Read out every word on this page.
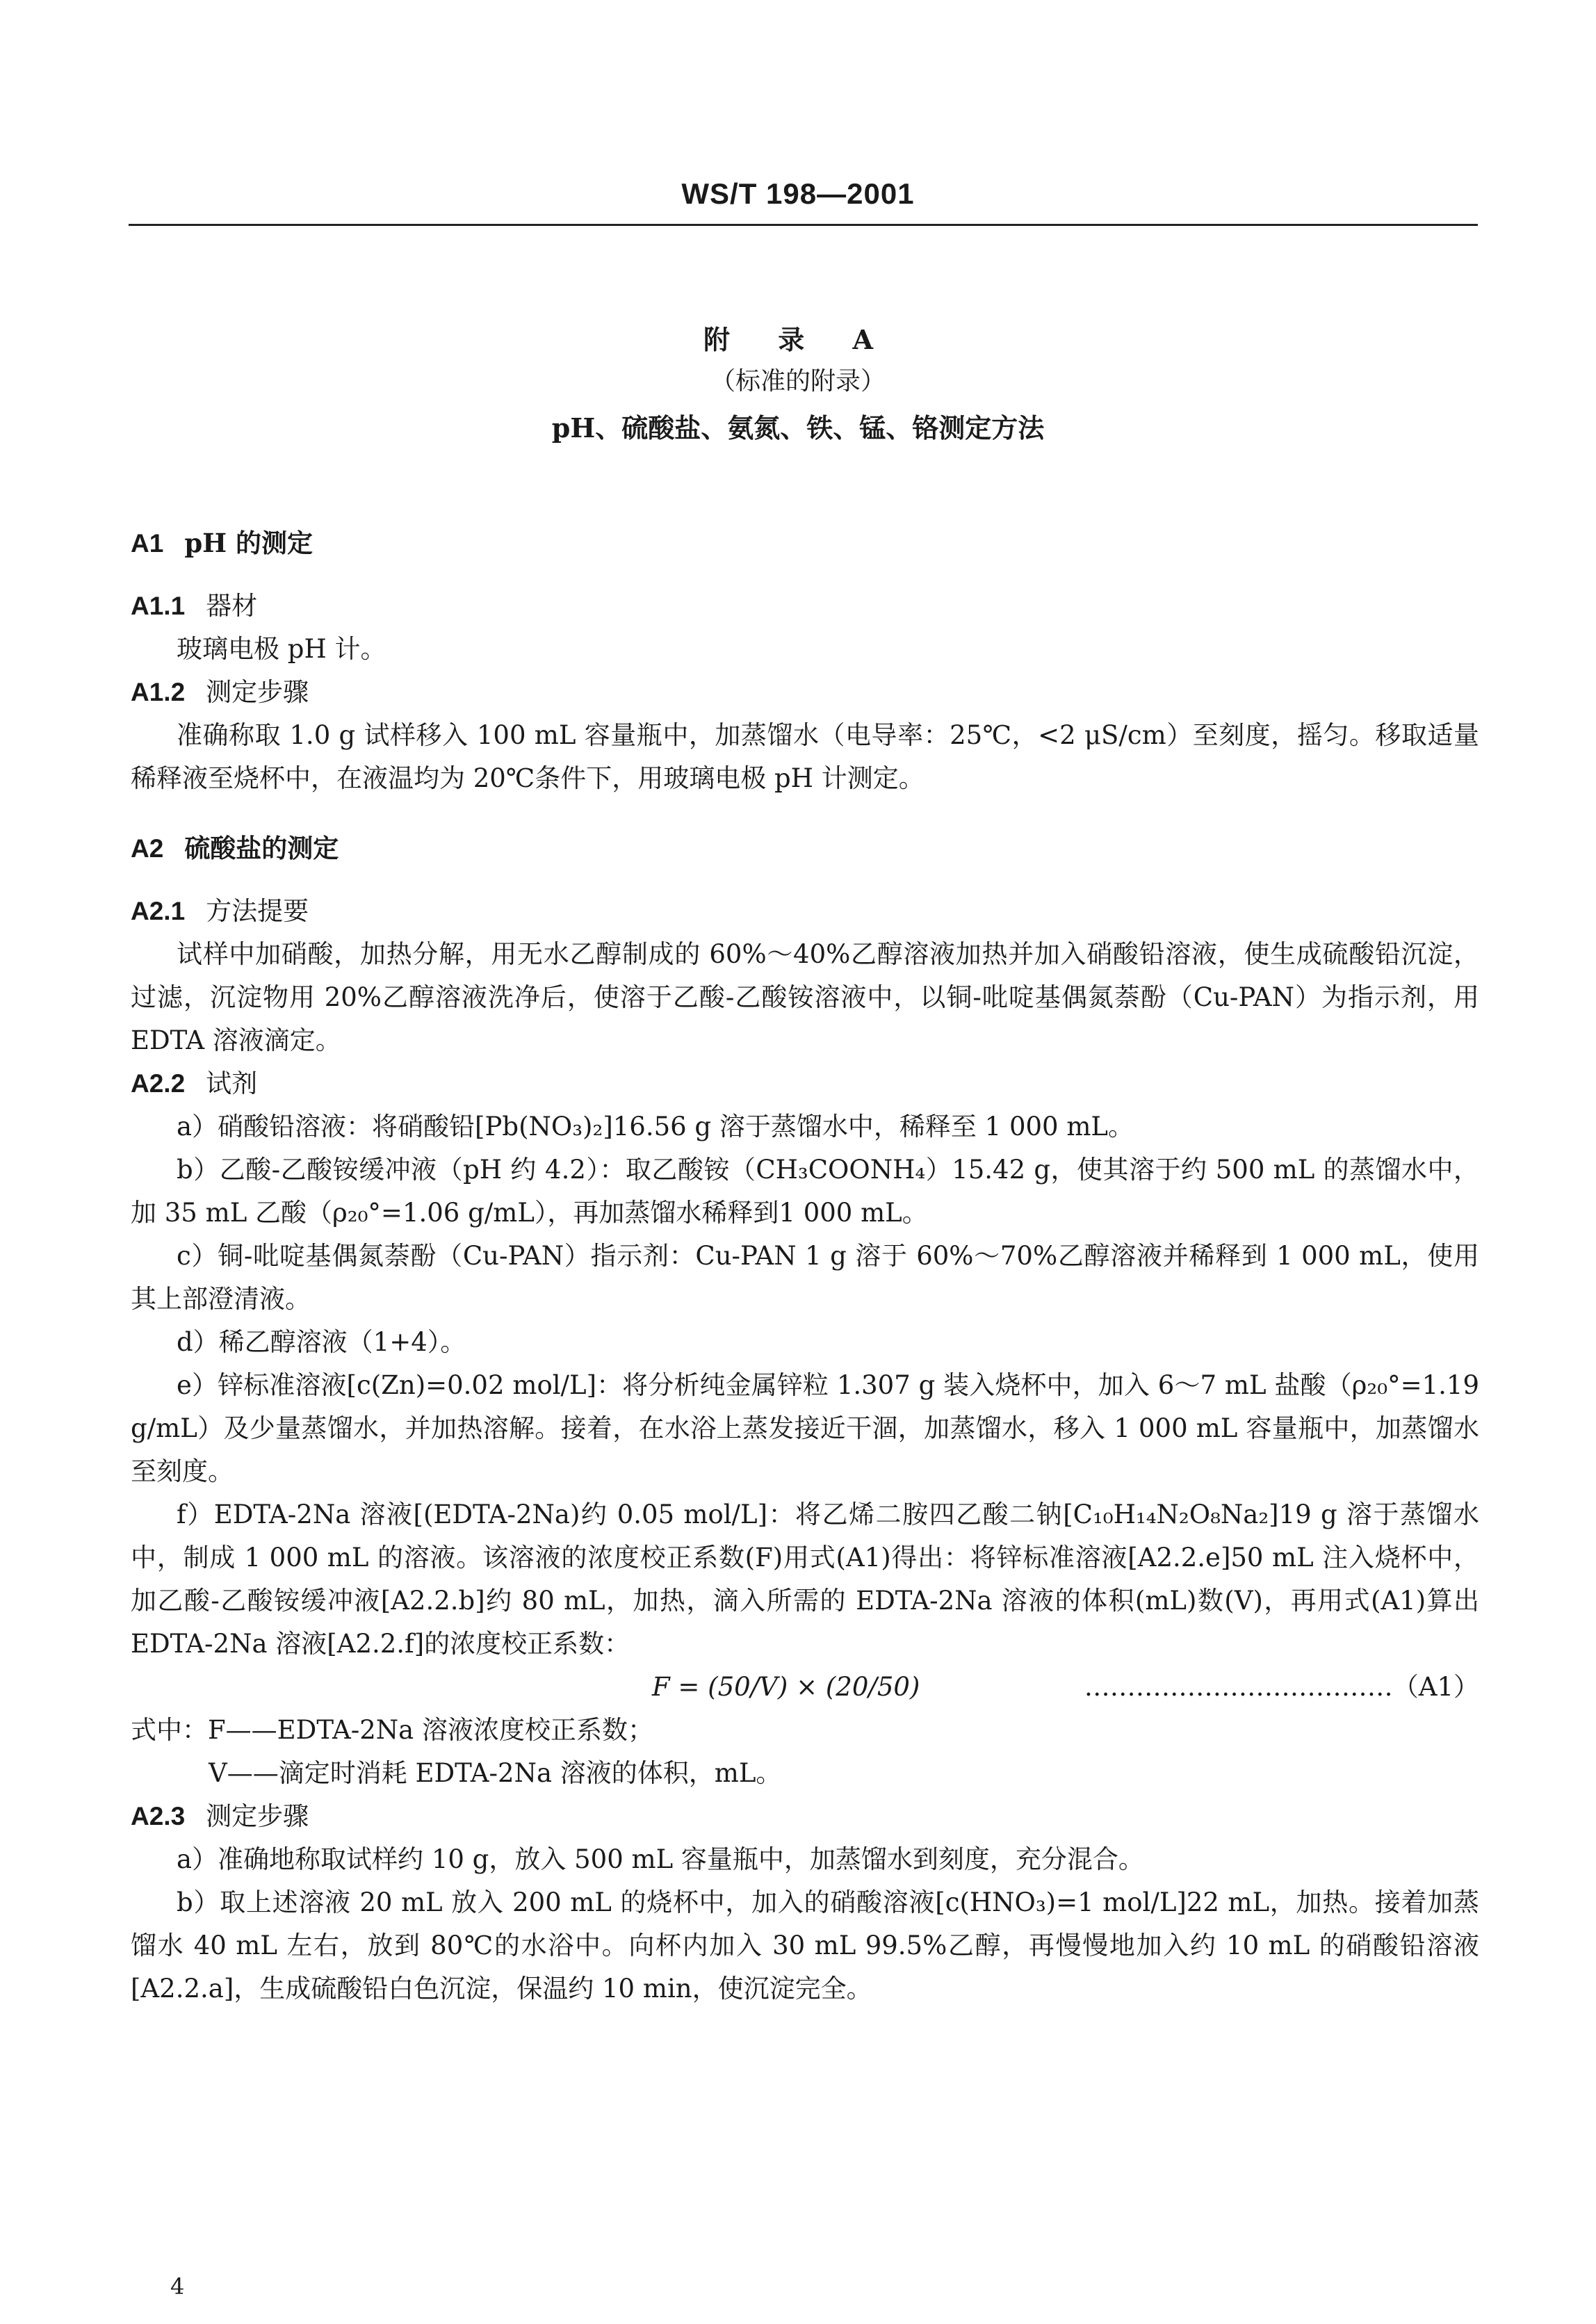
WS/T 198—2001
附 录 A
（标准的附录）
pH、硫酸盐、氨氮、铁、锰、铬测定方法
A1 pH 的测定
A1.1 器材
玻璃电极 pH 计。
A1.2 测定步骤
准确称取 1.0 g 试样移入 100 mL 容量瓶中，加蒸馏水（电导率：25℃，<2 μS/cm）至刻度，摇匀。移取适量稀释液至烧杯中，在液温均为 20℃条件下，用玻璃电极 pH 计测定。
A2 硫酸盐的测定
A2.1 方法提要
试样中加硝酸，加热分解，用无水乙醇制成的 60%～40%乙醇溶液加热并加入硝酸铅溶液，使生成硫酸铅沉淀，过滤，沉淀物用 20%乙醇溶液洗净后，使溶于乙酸-乙酸铵溶液中，以铜-吡啶基偶氮萘酚（Cu-PAN）为指示剂，用 EDTA 溶液滴定。
A2.2 试剂
a）硝酸铅溶液：将硝酸铅[Pb(NO₃)₂]16.56 g 溶于蒸馏水中，稀释至 1 000 mL。
b）乙酸-乙酸铵缓冲液（pH 约 4.2）：取乙酸铵（CH₃COONH₄）15.42 g，使其溶于约 500 mL 的蒸馏水中，加 35 mL 乙酸（ρ₂₀°=1.06 g/mL），再加蒸馏水稀释到1 000 mL。
c）铜-吡啶基偶氮萘酚（Cu-PAN）指示剂：Cu-PAN 1 g 溶于 60%～70%乙醇溶液并稀释到 1 000 mL，使用其上部澄清液。
d）稀乙醇溶液（1+4）。
e）锌标准溶液[c(Zn)=0.02 mol/L]：将分析纯金属锌粒 1.307 g 装入烧杯中，加入 6～7 mL 盐酸（ρ₂₀°=1.19 g/mL）及少量蒸馏水，并加热溶解。接着，在水浴上蒸发接近干涸，加蒸馏水，移入 1 000 mL 容量瓶中，加蒸馏水至刻度。
f）EDTA-2Na 溶液[(EDTA-2Na)约 0.05 mol/L]：将乙烯二胺四乙酸二钠[C₁₀H₁₄N₂O₈Na₂]19 g 溶于蒸馏水中，制成 1 000 mL 的溶液。该溶液的浓度校正系数(F)用式(A1)得出：将锌标准溶液[A2.2.e]50 mL 注入烧杯中，加乙酸-乙酸铵缓冲液[A2.2.b]约 80 mL，加热，滴入所需的 EDTA-2Na 溶液的体积(mL)数(V)，再用式(A1)算出 EDTA-2Na 溶液[A2.2.f]的浓度校正系数：
F = (50/V) × (20/50)	………………………………（A1）
式中：F——EDTA-2Na 溶液浓度校正系数；
V——滴定时消耗 EDTA-2Na 溶液的体积，mL。
A2.3 测定步骤
a）准确地称取试样约 10 g，放入 500 mL 容量瓶中，加蒸馏水到刻度，充分混合。
b）取上述溶液 20 mL 放入 200 mL 的烧杯中，加入的硝酸溶液[c(HNO₃)=1 mol/L]22 mL，加热。接着加蒸馏水 40 mL 左右，放到 80℃的水浴中。向杯内加入 30 mL 99.5%乙醇，再慢慢地加入约 10 mL 的硝酸铅溶液[A2.2.a]，生成硫酸铅白色沉淀，保温约 10 min，使沉淀完全。
4
